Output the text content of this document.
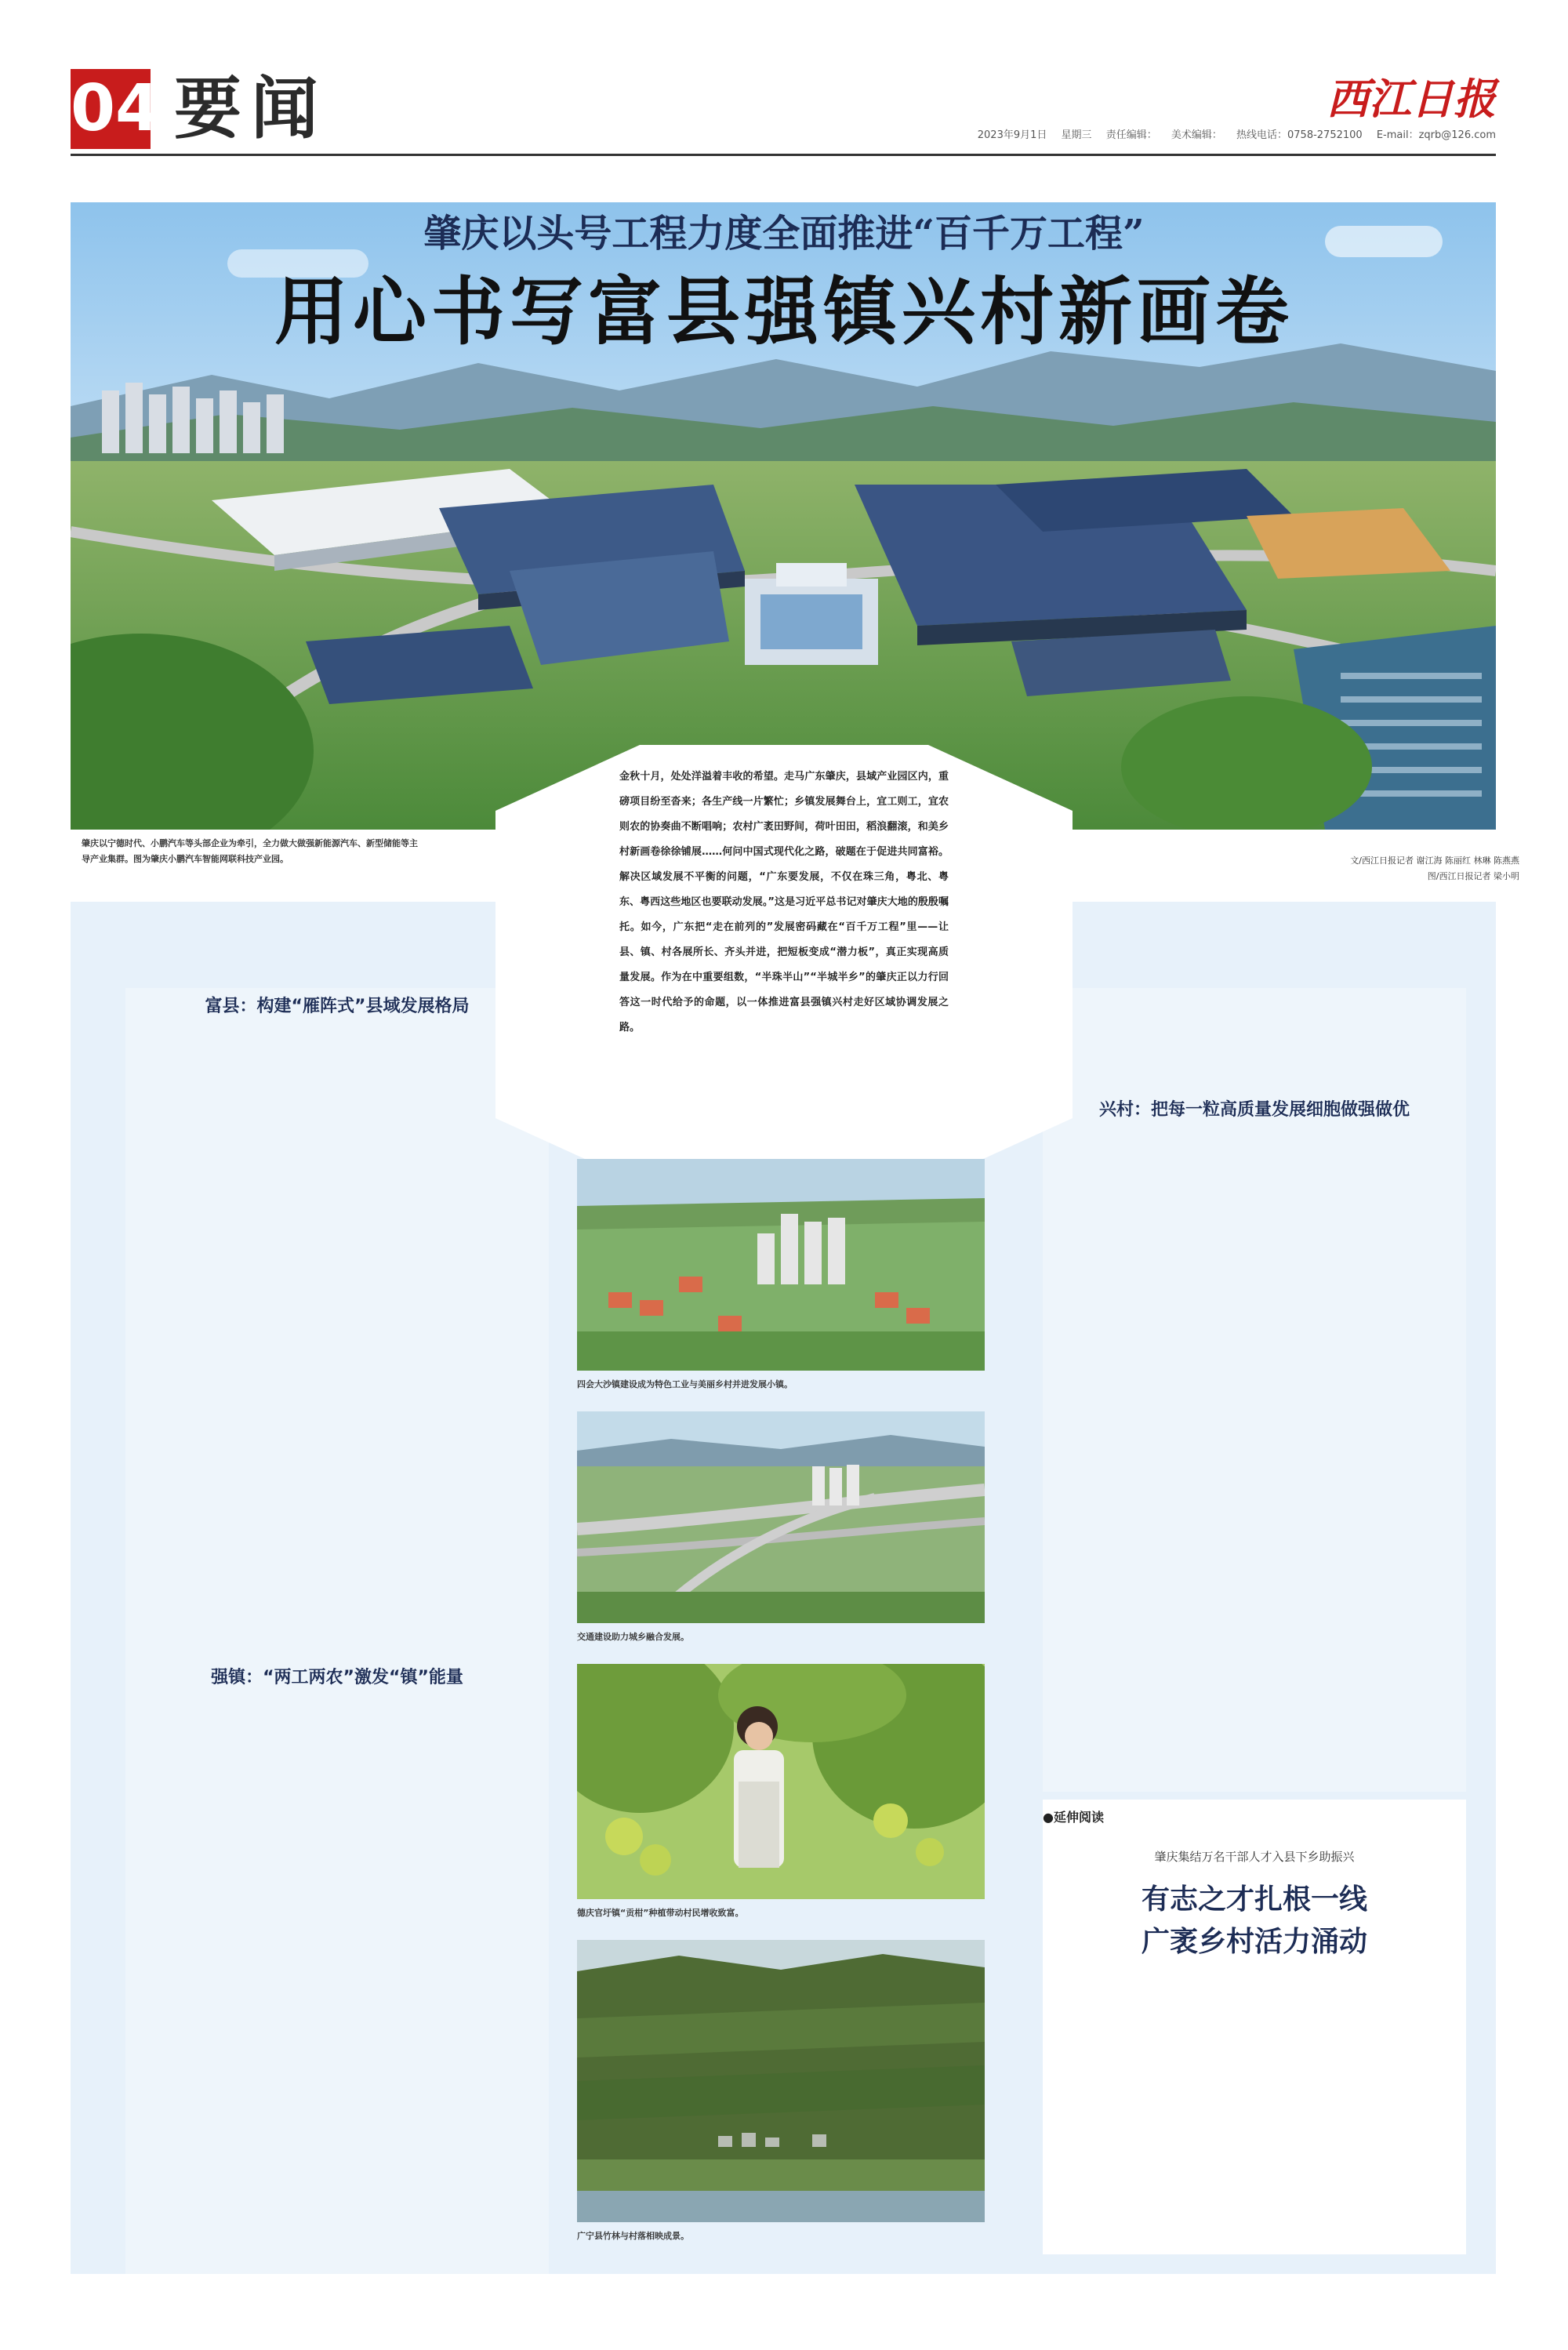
04 要闻	西江日报
2023年9月1日 星期三 责任编辑： 美术编辑： 热线电话：0758-2752100 E-mail：zqrb@126.com
肇庆以头号工程力度全面推进“百千万工程”
用心书写富县强镇兴村新画卷
肇庆以宁德时代、小鹏汽车等头部企业为牵引，全力做大做强新能源汽车、新型储能等主导产业集群。图为肇庆小鹏汽车智能网联科技产业园。	文/西江日报记者 谢江海 陈丽红 林琳 陈燕燕
图/西江日报记者 梁小明
金秋十月，处处洋溢着丰收的希望。走马广东肇庆，县域产业园区内，重磅项目纷至沓来；各生产线一片繁忙；乡镇发展舞台上，宜工则工，宜农则农的协奏曲不断唱响；农村广袤田野间，荷叶田田，稻浪翻滚，和美乡村新画卷徐徐铺展……何问中国式现代化之路，破题在于促进共同富裕。解决区域发展不平衡的问题，“广东要发展，不仅在珠三角，粤北、粤东、粤西这些地区也要联动发展。”这是习近平总书记对肇庆大地的殷殷嘱托。如今，广东把“走在前列的”发展密码藏在“百千万工程”里——让县、镇、村各展所长、齐头并进，把短板变成“潜力板”，真正实现高质量发展。作为在中重要组数，“半珠半山”“半城半乡”的肇庆正以力行回答这一时代给予的命题，以一体推进富县强镇兴村走好区域协调发展之路。
富县：构建“雁阵式”县域发展格局
强镇：“两工两农”激发“镇”能量
四会大沙镇建设成为特色工业与美丽乡村并进发展小镇。
交通建设助力城乡融合发展。
德庆官圩镇“贡柑”种植带动村民增收致富。
广宁县竹林与村落相映成景。
兴村：把每一粒高质量发展细胞做强做优
●延伸阅读
肇庆集结万名干部人才入县下乡助振兴
有志之才扎根一线
广袤乡村活力涌动
